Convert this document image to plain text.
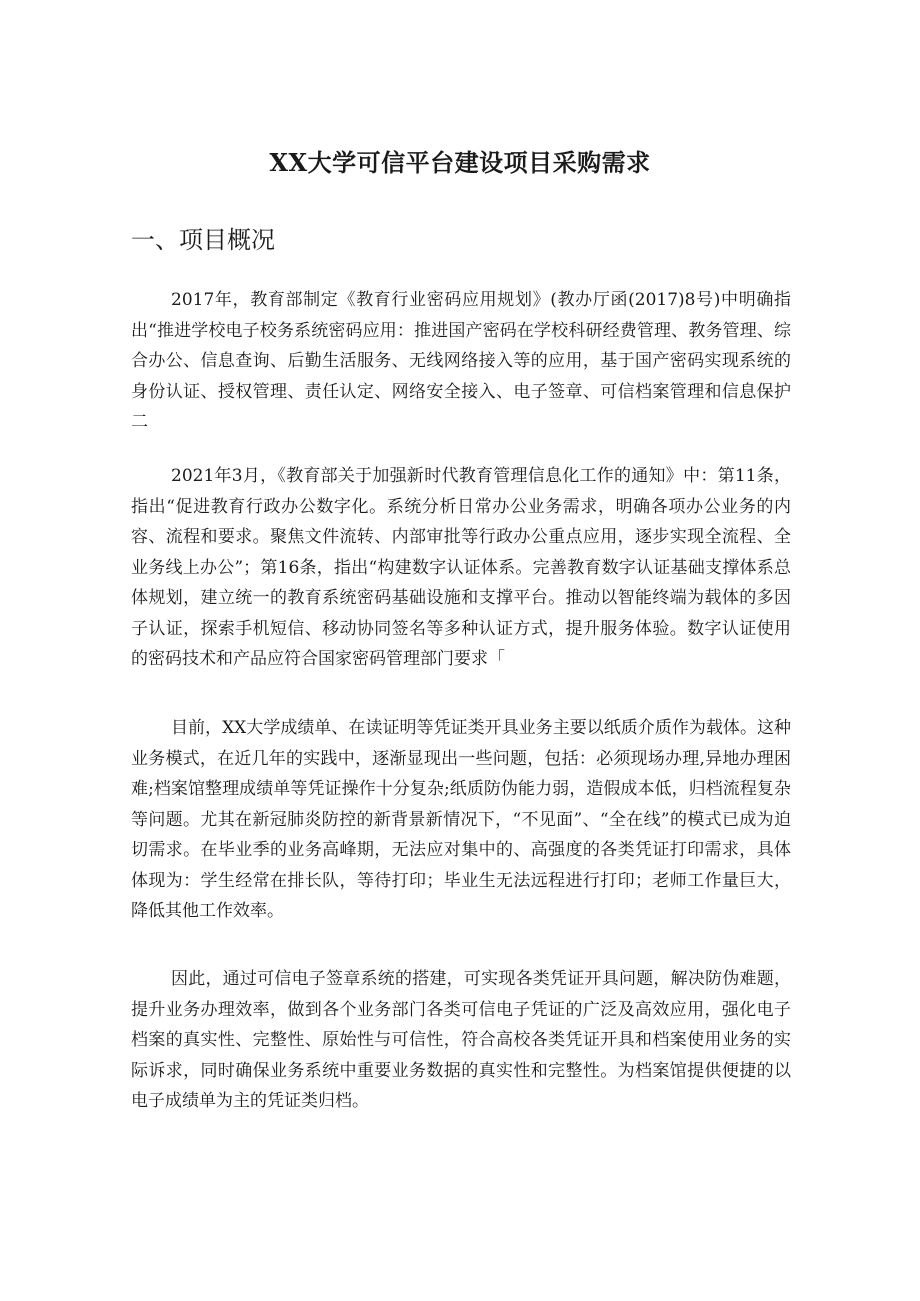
XX大学可信平台建设项目采购需求
一、项目概况

2017年，教育部制定《教育行业密码应用规划》(教办厅函(2017)8号)中明确指出“推进学校电子校务系统密码应用：推进国产密码在学校科研经费管理、教务管理、综合办公、信息查询、后勤生活服务、无线网络接入等的应用，基于国产密码实现系统的身份认证、授权管理、责任认定、网络安全接入、电子签章、可信档案管理和信息保护二

2021年3月，《教育部关于加强新时代教育管理信息化工作的通知》中：第11条，指出“促进教育行政办公数字化。系统分析日常办公业务需求，明确各项办公业务的内容、流程和要求。聚焦文件流转、内部审批等行政办公重点应用，逐步实现全流程、全业务线上办公”；第16条，指出“构建数字认证体系。完善教育数字认证基础支撑体系总体规划，建立统一的教育系统密码基础设施和支撑平台。推动以智能终端为载体的多因子认证，探索手机短信、移动协同签名等多种认证方式，提升服务体验。数字认证使用的密码技术和产品应符合国家密码管理部门要求「

目前，XX大学成绩单、在读证明等凭证类开具业务主要以纸质介质作为载体。这种业务模式，在近几年的实践中，逐渐显现出一些问题，包括：必须现场办理,异地办理困难;档案馆整理成绩单等凭证操作十分复杂;纸质防伪能力弱，造假成本低，归档流程复杂等问题。尤其在新冠肺炎防控的新背景新情况下，“不见面”、“全在线”的模式已成为迫切需求。在毕业季的业务高峰期，无法应对集中的、高强度的各类凭证打印需求，具体体现为：学生经常在排长队，等待打印；毕业生无法远程进行打印；老师工作量巨大，降低其他工作效率。

因此，通过可信电子签章系统的搭建，可实现各类凭证开具问题，解决防伪难题，提升业务办理效率，做到各个业务部门各类可信电子凭证的广泛及高效应用，强化电子档案的真实性、完整性、原始性与可信性，符合高校各类凭证开具和档案使用业务的实际诉求，同时确保业务系统中重要业务数据的真实性和完整性。为档案馆提供便捷的以电子成绩单为主的凭证类归档。
